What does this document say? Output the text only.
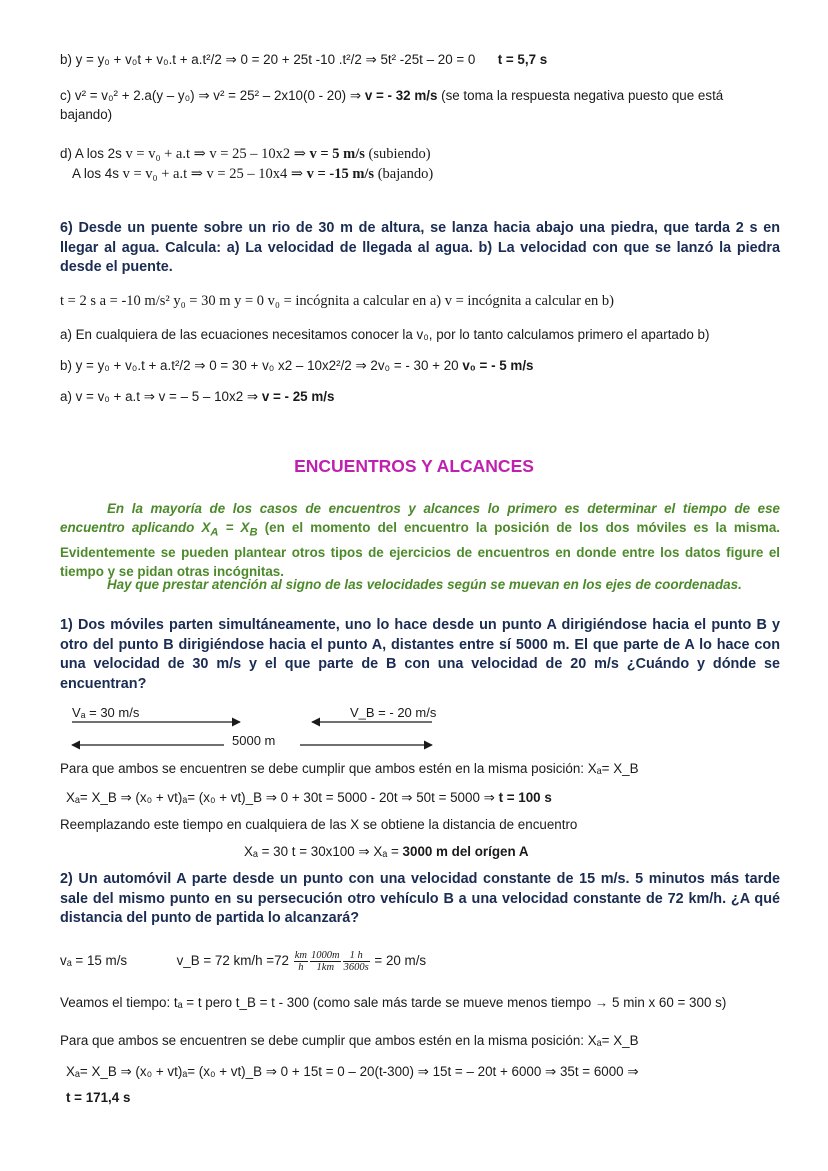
b) y = y₀ + v₀t + v₀.t + a.t²/2 ⇒ 0 = 20 + 25t -10 .t²/2 ⇒ 5t² -25t – 20 = 0 t = 5,7 s
c) v² = v₀² + 2.a(y – y₀) ⇒ v² = 25² – 2x10(0 - 20) ⇒ v = - 32 m/s (se toma la respuesta negativa puesto que está
bajando)
d) A los 2s v = v₀ + a.t ⇒ v = 25 – 10x2 ⇒ v = 5 m/s (subiendo)
A los 4s v = v₀ + a.t ⇒ v = 25 – 10x4 ⇒ v = -15 m/s (bajando)
6) Desde un puente sobre un rio de 30 m de altura, se lanza hacia abajo una piedra, que tarda 2 s en llegar al agua. Calcula: a) La velocidad de llegada al agua. b) La velocidad con que se lanzó la piedra desde el puente.
t = 2 s a = -10 m/s² y₀ = 30 m y = 0 v₀ = incógnita a calcular en a) v = incógnita a calcular en b)
a) En cualquiera de las ecuaciones necesitamos conocer la v₀, por lo tanto calculamos primero el apartado b)
b) y = y₀ + v₀.t + a.t²/2 ⇒ 0 = 30 + v₀ x2 – 10x2²/2 ⇒ 2v₀ = - 30 + 20 v₀ = - 5 m/s
a) v = v₀ + a.t ⇒ v = – 5 – 10x2 ⇒ v = - 25 m/s
ENCUENTROS Y ALCANCES
En la mayoría de los casos de encuentros y alcances lo primero es determinar el tiempo de ese encuentro aplicando $X_A = X_B$ (en el momento del encuentro la posición de los dos móviles es la misma. Evidentemente se pueden plantear otros tipos de ejercicios de encuentros en donde entre los datos figure el tiempo y se pidan otras incógnitas.
Hay que prestar atención al signo de las velocidades según se muevan en los ejes de coordenadas.
1) Dos móviles parten simultáneamente, uno lo hace desde un punto A dirigiéndose hacia el punto B y otro del punto B dirigiéndose hacia el punto A, distantes entre sí 5000 m. El que parte de A lo hace con una velocidad de 30 m/s y el que parte de B con una velocidad de 20 m/s ¿Cuándo y dónde se encuentran?
Vₐ = 30 m/s	V_B = - 20 m/s
5000 m
Para que ambos se encuentren se debe cumplir que ambos estén en la misma posición: Xₐ= X_B
Xₐ= X_B ⇒ (x₀ + vt)ₐ= (x₀ + vt)_B ⇒ 0 + 30t = 5000 - 20t ⇒ 50t = 5000 ⇒ t = 100 s
Reemplazando este tiempo en cualquiera de las X se obtiene la distancia de encuentro
Xₐ = 30 t = 30x100 ⇒ Xₐ = 3000 m del orígen A
2) Un automóvil A parte desde un punto con una velocidad constante de 15 m/s. 5 minutos más tarde sale del mismo punto en su persecución otro vehículo B a una velocidad constante de 72 km/h. ¿A qué distancia del punto de partida lo alcanzará?
vₐ = 15 m/s	v_B = 72 $km/h =72 \frac{km}{h} \frac{1000m}{1km} \frac{1 h}{3600s} = 20$ m/s
Veamos el tiempo: tₐ = t pero t_B = t - 300 (como sale más tarde se mueve menos tiempo → 5 min x 60 = 300 s)
Para que ambos se encuentren se debe cumplir que ambos estén en la misma posición: Xₐ= X_B
Xₐ= X_B ⇒ (x₀ + vt)ₐ= (x₀ + vt)_B ⇒ 0 + 15t = 0 – 20(t-300) ⇒ 15t = – 20t + 6000 ⇒ 35t = 6000 ⇒
t = 171,4 s
